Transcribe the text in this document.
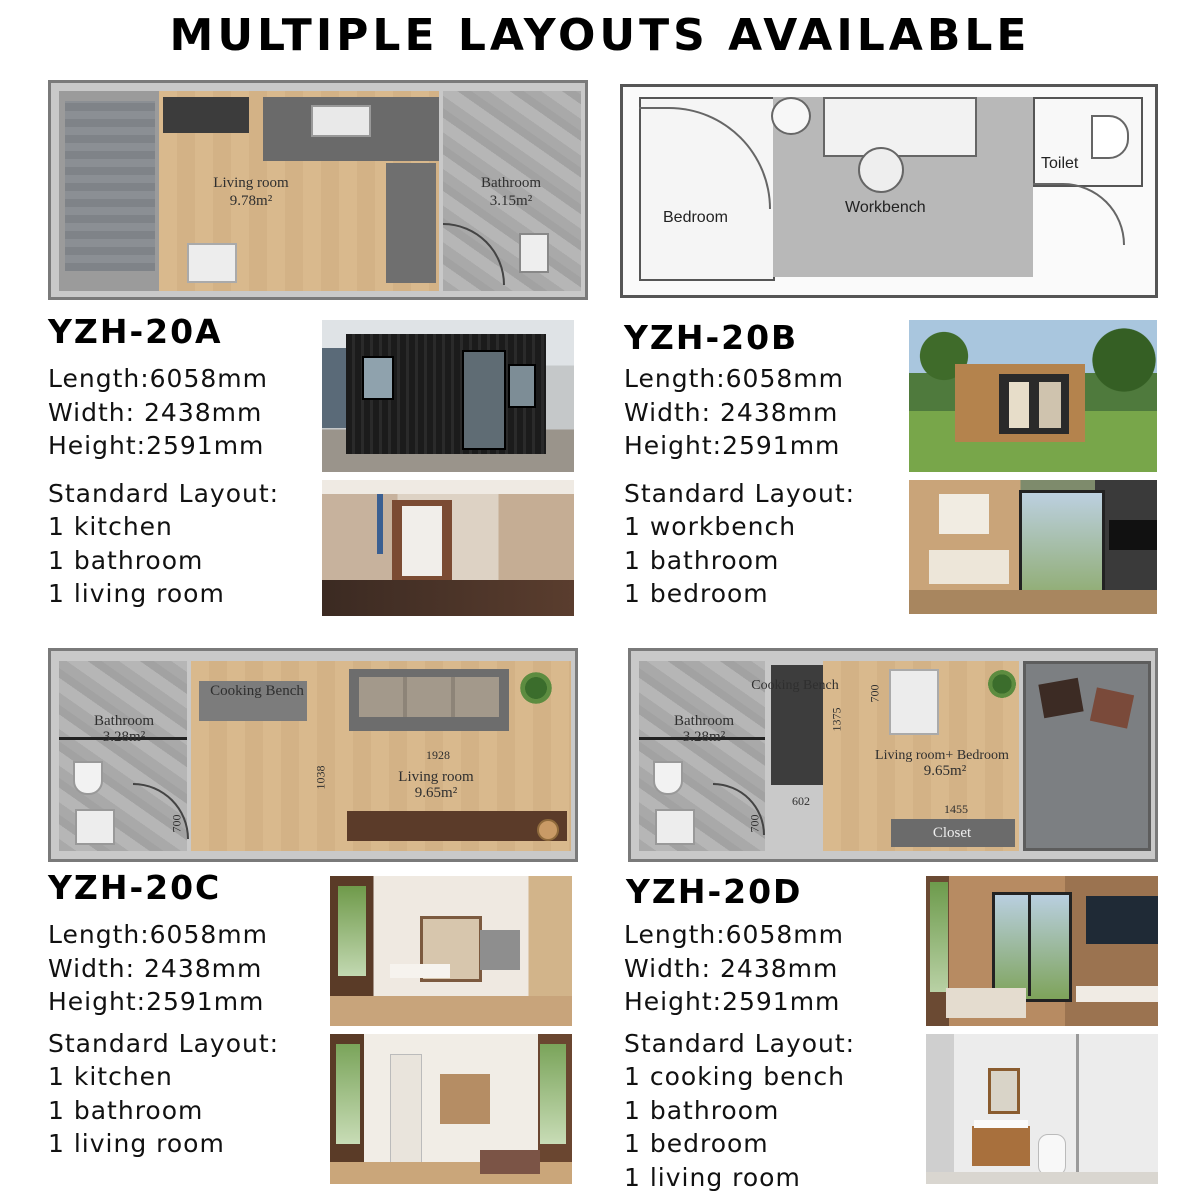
MULTIPLE LAYOUTS AVAILABLE
Living room
9.78m²
Bathroom
3.15m²
Bedroom
Workbench
Toilet
YZH-20A
Length:6058mm
Width: 2438mm
Height:2591mm
Standard Layout:
1 kitchen
1 bathroom
1 living room
YZH-20B
Length:6058mm
Width: 2438mm
Height:2591mm
Standard Layout:
1 workbench
1 bathroom
1 bedroom
Cooking Bench
Bathroom
3.28m²
Living room
9.65m²
1928
1038
700
Cooking Bench
Bathroom
3.28m²
Living room+ Bedroom
9.65m²
Closet
1375
700
602
1455
700
YZH-20C
Length:6058mm
Width: 2438mm
Height:2591mm
Standard Layout:
1 kitchen
1 bathroom
1 living room
YZH-20D
Length:6058mm
Width: 2438mm
Height:2591mm
Standard Layout:
1 cooking bench
1 bathroom
1 bedroom
1 living room
